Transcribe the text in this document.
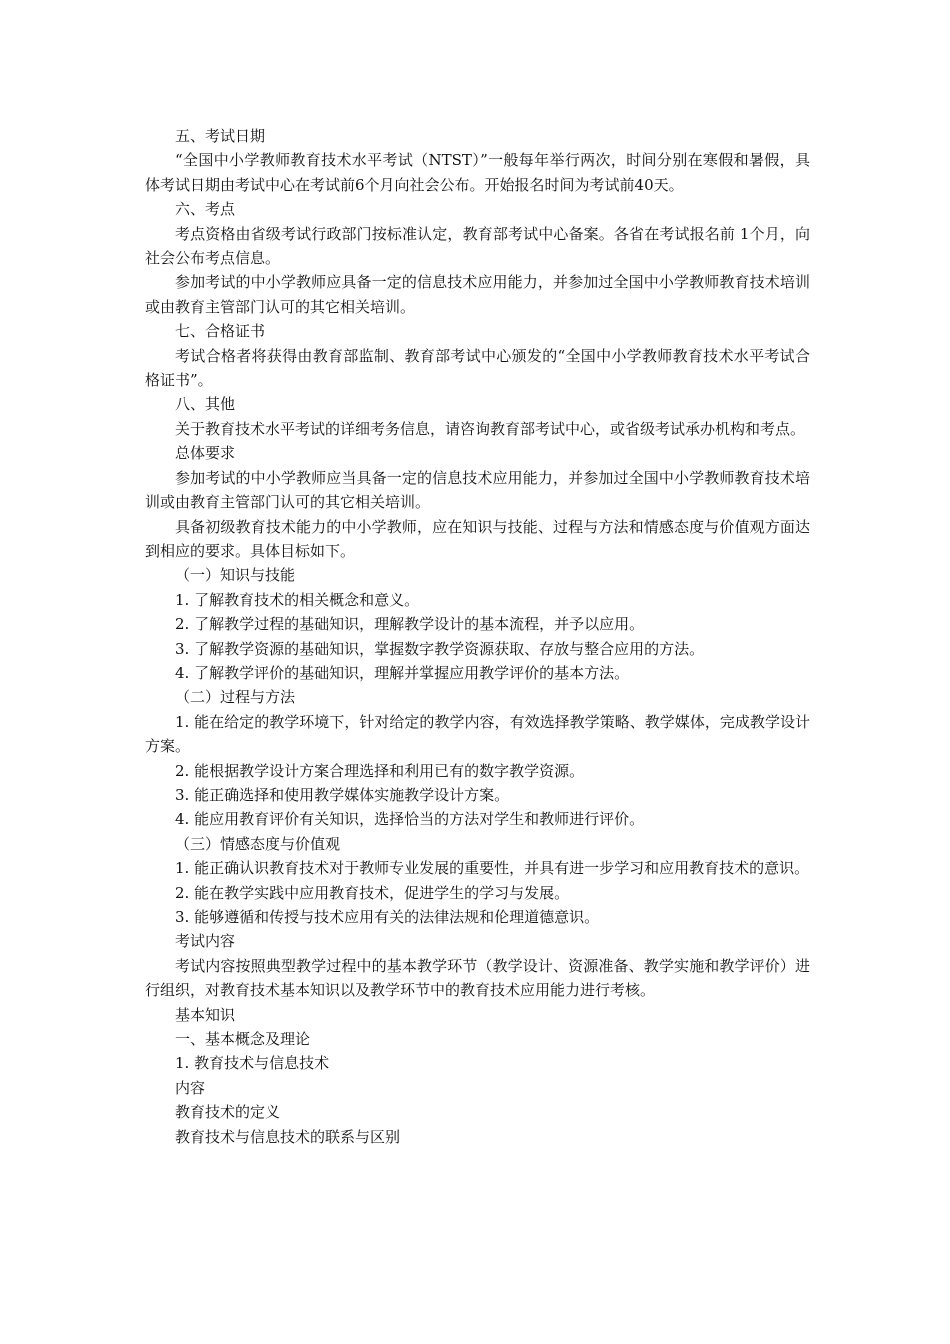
五、考试日期

“全国中小学教师教育技术水平考试（NTST）”一般每年举行两次，时间分别在寒假和暑假，具体考试日期由考试中心在考试前6个月向社会公布。开始报名时间为考试前40天。

六、考点

考点资格由省级考试行政部门按标准认定，教育部考试中心备案。各省在考试报名前 1个月，向社会公布考点信息。

参加考试的中小学教师应具备一定的信息技术应用能力，并参加过全国中小学教师教育技术培训或由教育主管部门认可的其它相关培训。

七、合格证书

考试合格者将获得由教育部监制、教育部考试中心颁发的“全国中小学教师教育技术水平考试合格证书”。

八、其他

关于教育技术水平考试的详细考务信息，请咨询教育部考试中心，或省级考试承办机构和考点。

总体要求

参加考试的中小学教师应当具备一定的信息技术应用能力，并参加过全国中小学教师教育技术培训或由教育主管部门认可的其它相关培训。

具备初级教育技术能力的中小学教师，应在知识与技能、过程与方法和情感态度与价值观方面达到相应的要求。具体目标如下。

（一）知识与技能

1. 了解教育技术的相关概念和意义。

2. 了解教学过程的基础知识，理解教学设计的基本流程，并予以应用。

3. 了解教学资源的基础知识，掌握数字教学资源获取、存放与整合应用的方法。

4. 了解教学评价的基础知识，理解并掌握应用教学评价的基本方法。

（二）过程与方法

1. 能在给定的教学环境下，针对给定的教学内容，有效选择教学策略、教学媒体，完成教学设计方案。

2. 能根据教学设计方案合理选择和利用已有的数字教学资源。

3. 能正确选择和使用教学媒体实施教学设计方案。

4. 能应用教育评价有关知识，选择恰当的方法对学生和教师进行评价。

（三）情感态度与价值观

1. 能正确认识教育技术对于教师专业发展的重要性，并具有进一步学习和应用教育技术的意识。

2. 能在教学实践中应用教育技术，促进学生的学习与发展。

3. 能够遵循和传授与技术应用有关的法律法规和伦理道德意识。

考试内容

考试内容按照典型教学过程中的基本教学环节（教学设计、资源准备、教学实施和教学评价）进行组织，对教育技术基本知识以及教学环节中的教育技术应用能力进行考核。

基本知识

一、基本概念及理论

1. 教育技术与信息技术

内容

教育技术的定义

教育技术与信息技术的联系与区别
